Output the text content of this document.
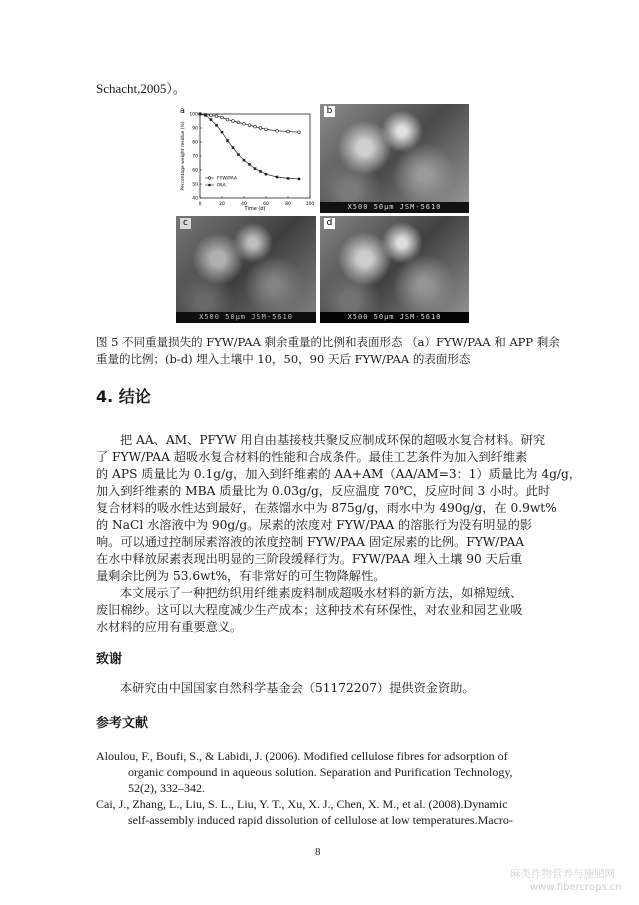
Schacht,2005）。
a
0	20	40	60	80	100
40
50
60
70
80
90
100
Time (d)
Percentage weight residue (%)	FYW/PAA
PAA
b
X500 50μm JSM-5610
c
X500 50μm JSM-5610
d
X500 50μm JSM-5610
图 5 不同重量损失的 FYW/PAA 剩余重量的比例和表面形态 （a）FYW/PAA 和 APP 剩余
重量的比例；(b-d) 埋入土壤中 10，50，90 天后 FYW/PAA 的表面形态
4. 结论
把 AA、AM、PFYW 用自由基接枝共聚反应制成环保的超吸水复合材料。研究
了 FYW/PAA 超吸水复合材料的性能和合成条件。最佳工艺条件为加入到纤维素
的 APS 质量比为 0.1g/g，加入到纤维素的 AA+AM（AA/AM=3：1）质量比为 4g/g，
加入到纤维素的 MBA 质量比为 0.03g/g，反应温度 70℃，反应时间 3 小时。此时
复合材料的吸水性达到最好，在蒸馏水中为 875g/g，雨水中为 490g/g，在 0.9wt%
的 NaCl 水溶液中为 90g/g。尿素的浓度对 FYW/PAA 的溶胀行为没有明显的影
响。可以通过控制尿素溶液的浓度控制 FYW/PAA 固定尿素的比例。FYW/PAA
在水中释放尿素表现出明显的三阶段缓释行为。FYW/PAA 埋入土壤 90 天后重
量剩余比例为 53.6wt%，有非常好的可生物降解性。
本文展示了一种把纺织用纤维素废料制成超吸水材料的新方法，如棉短绒、
废旧棉纱。这可以大程度减少生产成本；这种技术有环保性，对农业和园艺业吸
水材料的应用有重要意义。
致谢
本研究由中国国家自然科学基金会（51172207）提供资金资助。
参考文献
Aloulou, F., Boufi, S., & Labidi, J. (2006). Modified cellulose fibres for adsorption of
organic compound in aqueous solution. Separation and Purification Technology,
52(2), 332–342.
Cai, J., Zhang, L., Liu, S. L., Liu, Y. T., Xu, X. J., Chen, X. M., et al. (2008).Dynamic
self-assembly induced rapid dissolution of cellulose at low temperatures.Macro-
8
麻类作物营养与施肥网
www.fibercrops.cn
